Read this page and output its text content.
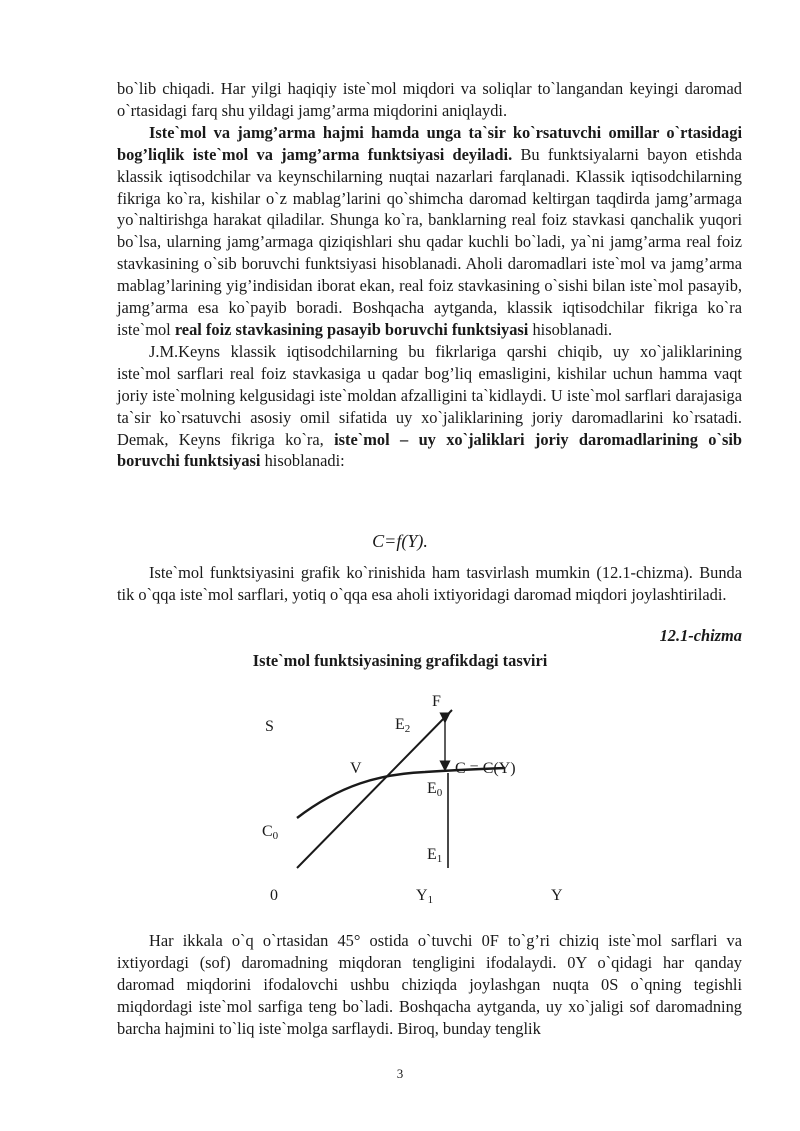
bo`lib chiqadi. Har yilgi haqiqiy iste`mol miqdori va soliqlar to`langandan keyingi daromad o`rtasidagi farq shu yildagi jamg’arma miqdorini aniqlaydi.

Iste`mol va jamg’arma hajmi hamda unga ta`sir ko`rsatuvchi omillar o`rtasidagi bog’liqlik iste`mol va jamg’arma funktsiyasi deyiladi. Bu funktsiyalarni bayon etishda klassik iqtisodchilar va keynschilarning nuqtai nazarlari farqlanadi. Klassik iqtisodchilarning fikriga ko`ra, kishilar o`z mablag’larini qo`shimcha daromad keltirgan taqdirda jamg’armaga yo`naltirishga harakat qiladilar. Shunga ko`ra, banklarning real foiz stavkasi qanchalik yuqori bo`lsa, ularning jamg’armaga qiziqishlari shu qadar kuchli bo`ladi, ya`ni jamg’arma real foiz stavkasining o`sib boruvchi funktsiyasi hisoblanadi. Aholi daromadlari iste`mol va jamg’arma mablag’larining yig’indisidan iborat ekan, real foiz stavkasining o`sishi bilan iste`mol pasayib, jamg’arma esa ko`payib boradi. Boshqacha aytganda, klassik iqtisodchilar fikriga ko`ra iste`mol real foiz stavkasining pasayib boruvchi funktsiyasi hisoblanadi.

J.M.Keyns klassik iqtisodchilarning bu fikrlariga qarshi chiqib, uy xo`jaliklarining iste`mol sarflari real foiz stavkasiga u qadar bog’liq emasligini, kishilar uchun hamma vaqt joriy iste`molning kelgusidagi iste`moldan afzalligini ta`kidlaydi. U iste`mol sarflari darajasiga ta`sir ko`rsatuvchi asosiy omil sifatida uy xo`jaliklarining joriy daromadlarini ko`rsatadi. Demak, Keyns fikriga ko`ra, iste`mol – uy xo`jaliklari joriy daromadlarining o`sib boruvchi funktsiyasi hisoblanadi:

C=f(Y).

Iste`mol funktsiyasini grafik ko`rinishida ham tasvirlash mumkin (12.1-chizma). Bunda tik o`qqa iste`mol sarflari, yotiq o`qqa esa aholi ixtiyoridagi daromad miqdori joylashtiriladi.

12.1-chizma
Iste`mol funktsiyasining grafikdagi tasviri
F
S	E2
V	C = C(Y)
E0
C0
E1
0	Y1	Y

Har ikkala o`q o`rtasidan 45° ostida o`tuvchi 0F to`g’ri chiziq iste`mol sarflari va ixtiyordagi (sof) daromadning miqdoran tengligini ifodalaydi. 0Y o`qidagi har qanday daromad miqdorini ifodalovchi ushbu chiziqda joylashgan nuqta 0S o`qning tegishli miqdordagi iste`mol sarfiga teng bo`ladi. Boshqacha aytganda, uy xo`jaligi sof daromadning barcha hajmini to`liq iste`molga sarflaydi. Biroq, bunday tenglik

3
